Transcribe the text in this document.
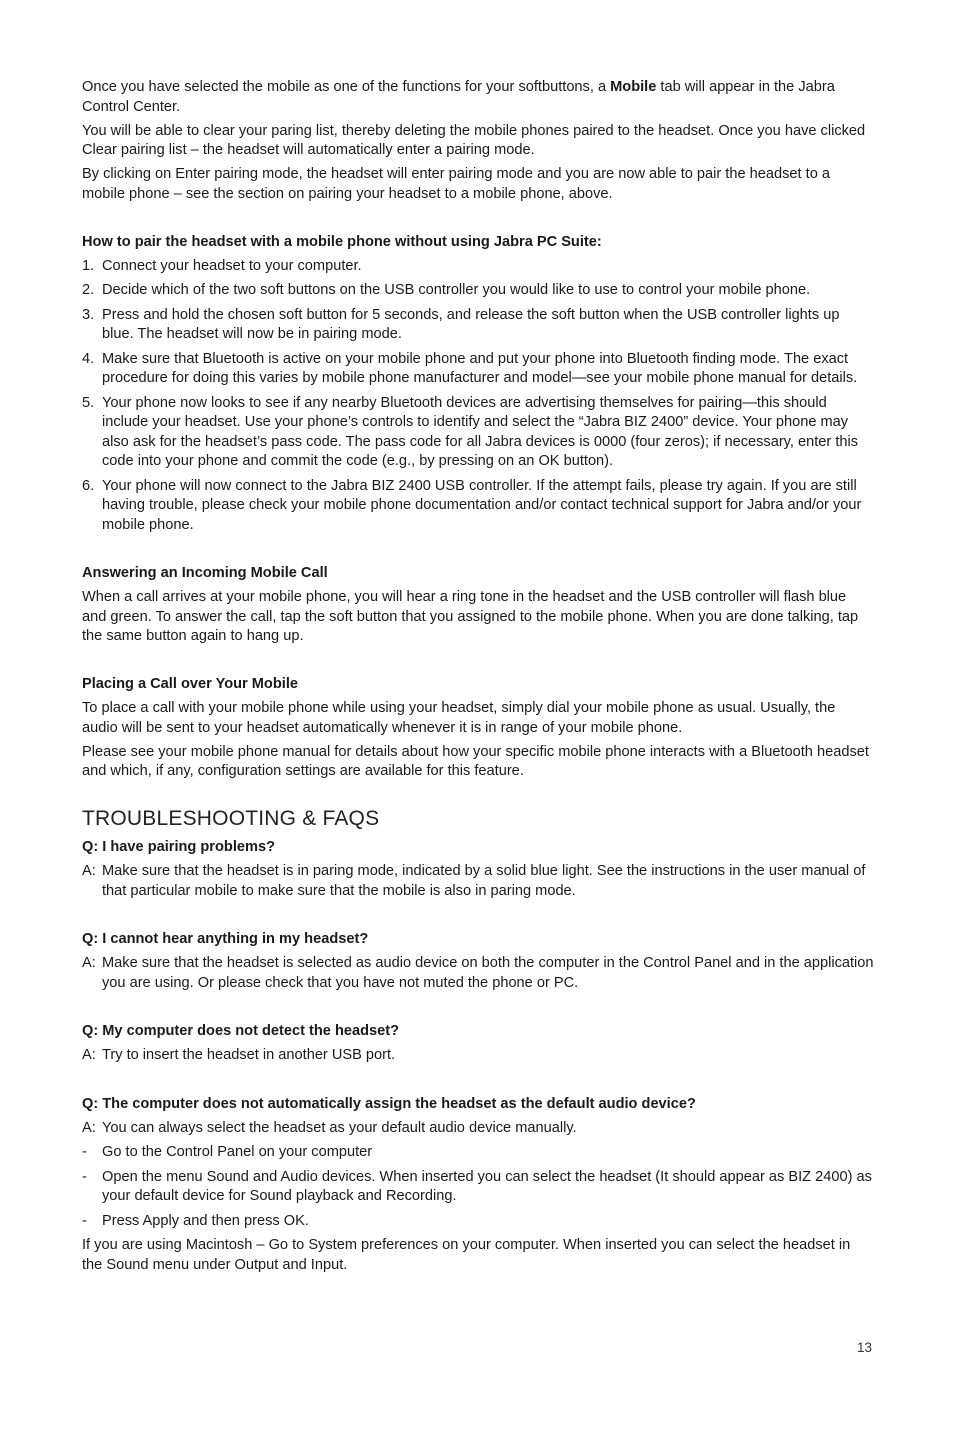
Once you have selected the mobile as one of the functions for your softbuttons, a Mobile tab will appear in the Jabra Control Center.

You will be able to clear your paring list, thereby deleting the mobile phones paired to the headset. Once you have clicked Clear pairing list – the headset will automatically enter a pairing mode.

By clicking on Enter pairing mode, the headset will enter pairing mode and you are now able to pair the headset to a mobile phone – see the section on pairing your headset to a mobile phone, above.

How to pair the headset with a mobile phone without using Jabra PC Suite:
1. Connect your headset to your computer.
2. Decide which of the two soft buttons on the USB controller you would like to use to control your mobile phone.
3. Press and hold the chosen soft button for 5 seconds, and release the soft button when the USB controller lights up blue. The headset will now be in pairing mode.
4. Make sure that Bluetooth is active on your mobile phone and put your phone into Bluetooth finding mode. The exact procedure for doing this varies by mobile phone manufacturer and model—see your mobile phone manual for details.
5. Your phone now looks to see if any nearby Bluetooth devices are advertising themselves for pairing—this should include your headset. Use your phone’s controls to identify and select the “Jabra BIZ 2400” device. Your phone may also ask for the headset’s pass code. The pass code for all Jabra devices is 0000 (four zeros); if necessary, enter this code into your phone and commit the code (e.g., by pressing on an OK button).
6. Your phone will now connect to the Jabra BIZ 2400 USB controller. If the attempt fails, please try again. If you are still having trouble, please check your mobile phone documentation and/or contact technical support for Jabra and/or your mobile phone.
Answering an Incoming Mobile Call

When a call arrives at your mobile phone, you will hear a ring tone in the headset and the USB controller will flash blue and green. To answer the call, tap the soft button that you assigned to the mobile phone. When you are done talking, tap the same button again to hang up.

Placing a Call over Your Mobile

To place a call with your mobile phone while using your headset, simply dial your mobile phone as usual. Usually, the audio will be sent to your headset automatically whenever it is in range of your mobile phone.

Please see your mobile phone manual for details about how your specific mobile phone interacts with a Bluetooth headset and which, if any, configuration settings are available for this feature.

TROUBLESHOOTING & FAQS
Q: I have pairing problems?
A: Make sure that the headset is in paring mode, indicated by a solid blue light. See the instructions in the user manual of that particular mobile to make sure that the mobile is also in paring mode.
Q: I cannot hear anything in my headset?
A: Make sure that the headset is selected as audio device on both the computer in the Control Panel and in the application you are using. Or please check that you have not muted the phone or PC.
Q: My computer does not detect the headset?
A: Try to insert the headset in another USB port.
Q: The computer does not automatically assign the headset as the default audio device?
A: You can always select the headset as your default audio device manually.
- Go to the Control Panel on your computer
- Open the menu Sound and Audio devices. When inserted you can select the headset (It should appear as BIZ 2400) as your default device for Sound playback and Recording.
- Press Apply and then press OK.

If you are using Macintosh – Go to System preferences on your computer. When inserted you can select the headset in the Sound menu under Output and Input.

13
